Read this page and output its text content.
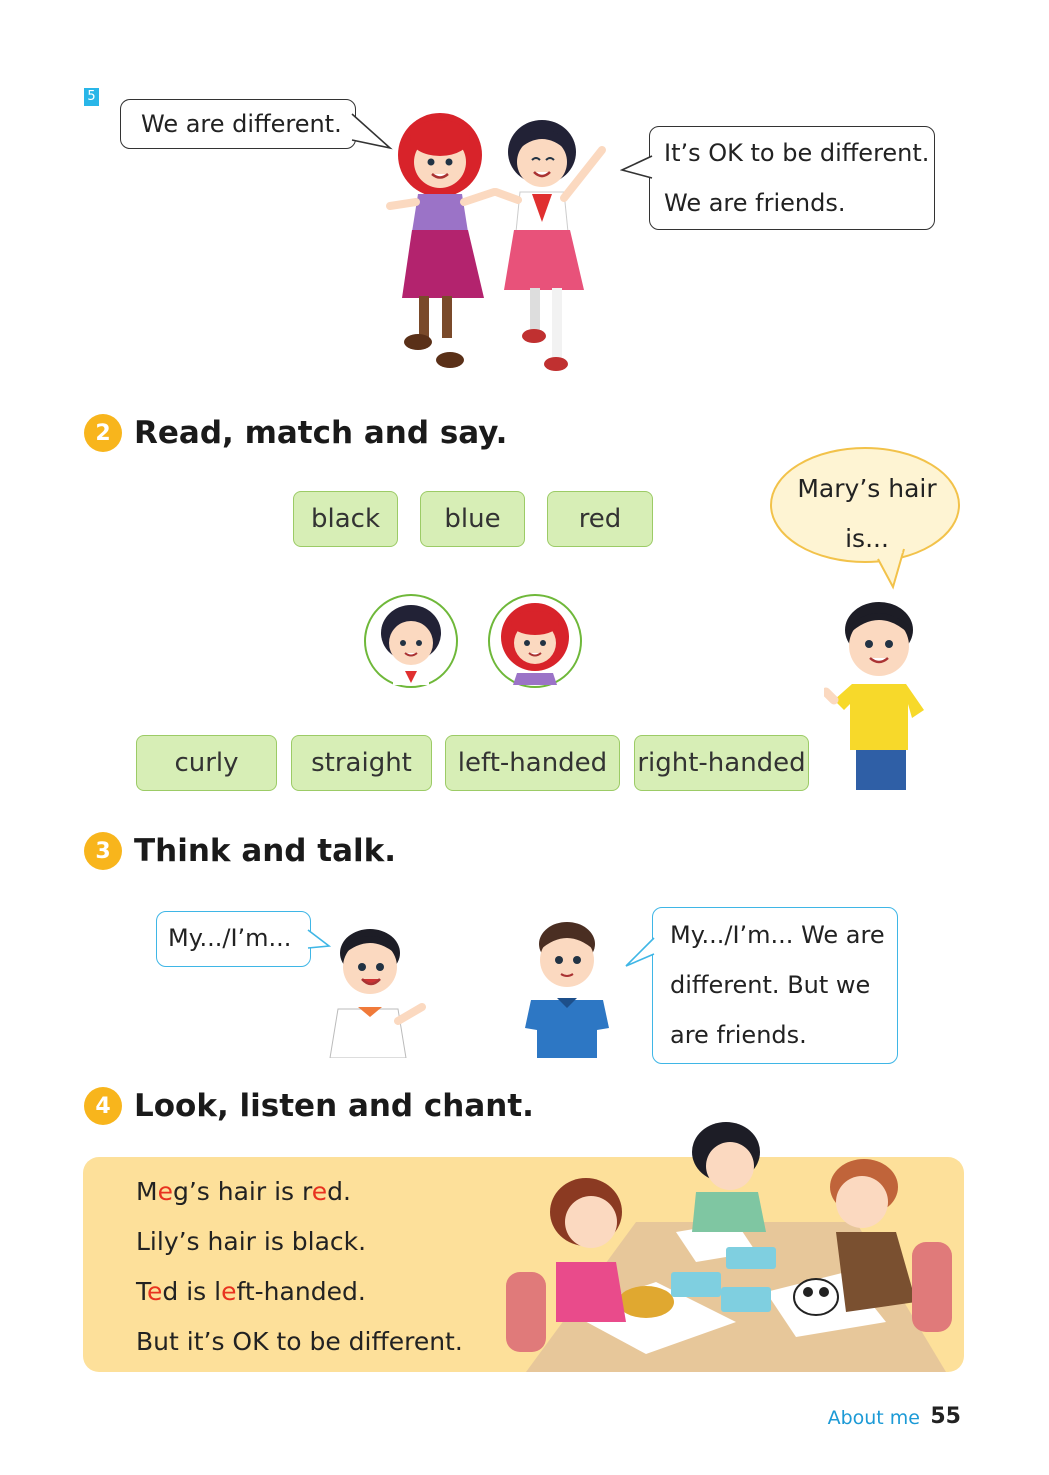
5

We are different.

It’s OK to be different.

We are friends.

2 Read, match and say.
black	blue	red
Mary’s hair
is...
curly	straight	left-handed	right-handed
3 Think and talk.

My.../I’m...	My.../I’m... We are

different. But we

are friends.

4 Look, listen and chant.
Meg’s hair is red.
Lily’s hair is black.
Ted is left-handed.
But it’s OK to be different.
About me 55
